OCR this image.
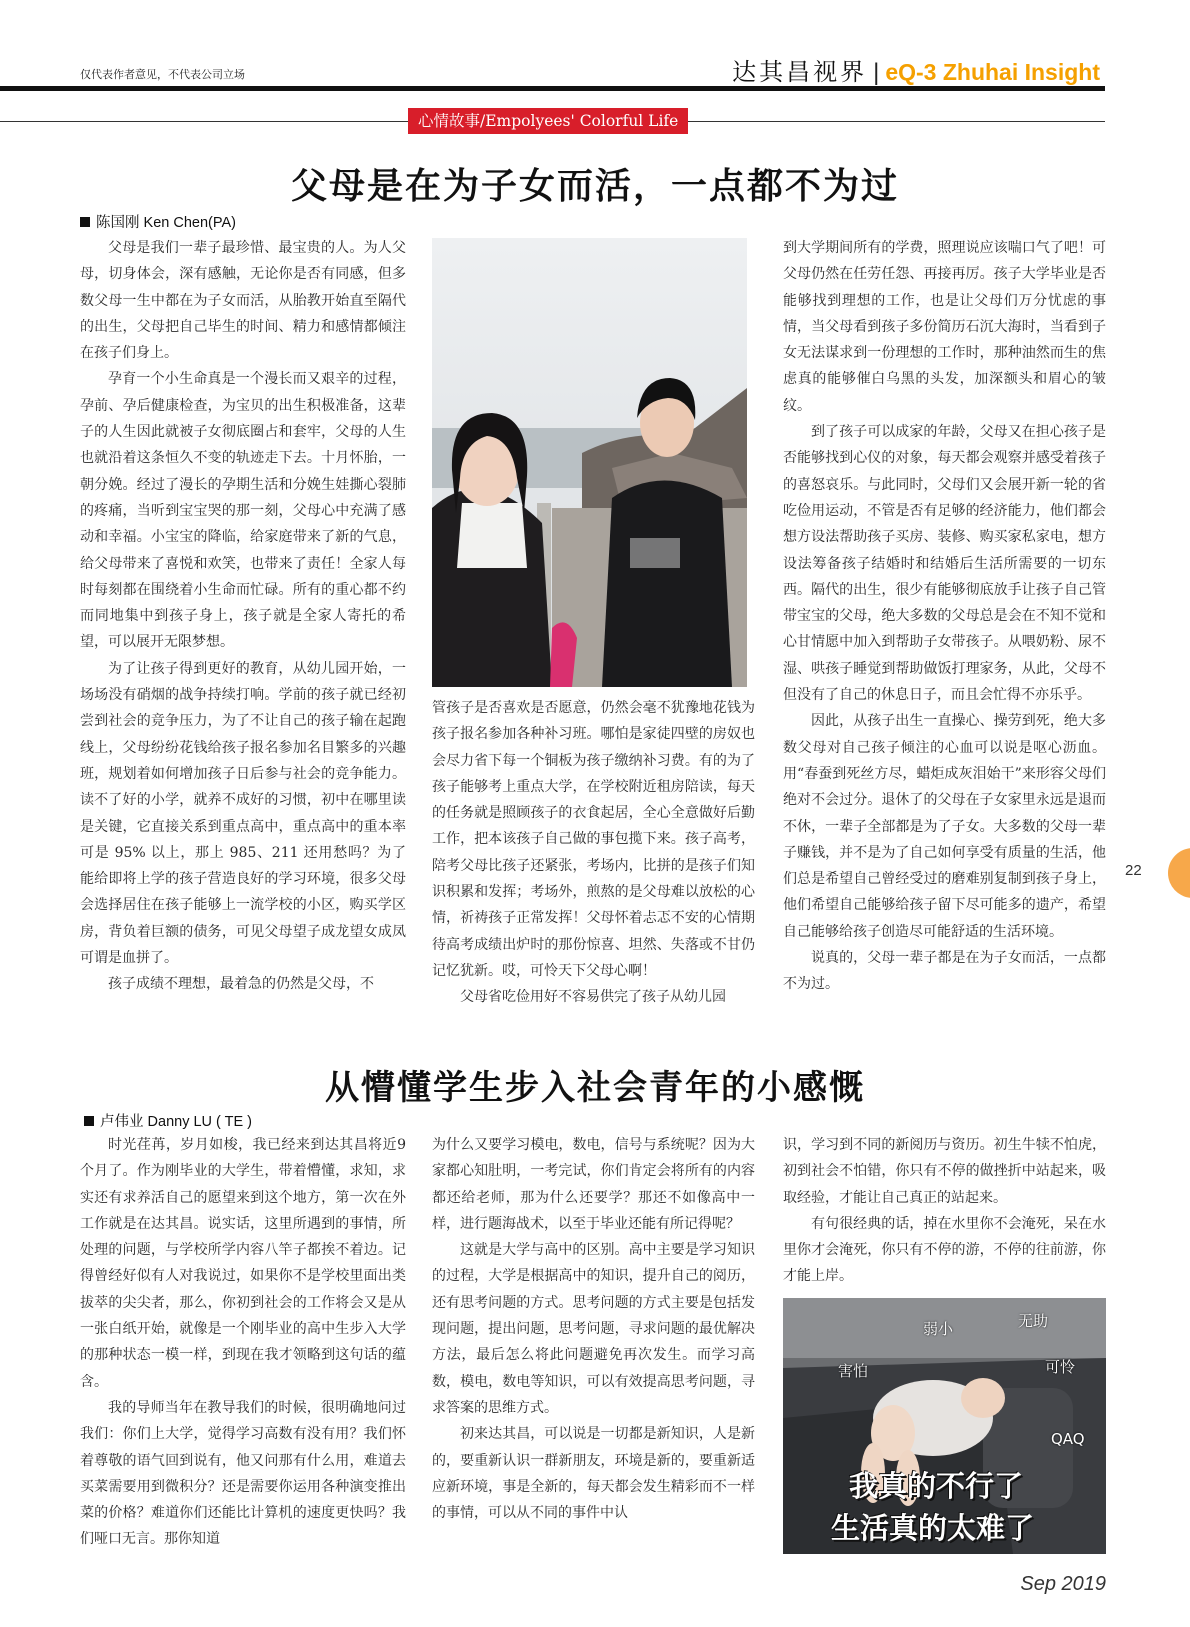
仅代表作者意见，不代表公司立场	达其昌视界 | eQ-3 Zhuhai Insight
心情故事/Empolyees' Colorful Life
父母是在为子女而活，一点都不为过
陈国刚 Ken Chen(PA)

父母是我们一辈子最珍惜、最宝贵的人。为人父母，切身体会，深有感触，无论你是否有同感，但多数父母一生中都在为子女而活，从胎教开始直至隔代的出生，父母把自己毕生的时间、精力和感情都倾注在孩子们身上。

孕育一个小生命真是一个漫长而又艰辛的过程，孕前、孕后健康检查，为宝贝的出生积极准备，这辈子的人生因此就被子女彻底圈占和套牢，父母的人生也就沿着这条恒久不变的轨迹走下去。十月怀胎，一朝分娩。经过了漫长的孕期生活和分娩生娃撕心裂肺的疼痛，当听到宝宝哭的那一刻，父母心中充满了感动和幸福。小宝宝的降临，给家庭带来了新的气息，给父母带来了喜悦和欢笑，也带来了责任！全家人每时每刻都在围绕着小生命而忙碌。所有的重心都不约而同地集中到孩子身上，孩子就是全家人寄托的希望，可以展开无限梦想。

为了让孩子得到更好的教育，从幼儿园开始，一场场没有硝烟的战争持续打响。学前的孩子就已经初尝到社会的竞争压力，为了不让自己的孩子输在起跑线上，父母纷纷花钱给孩子报名参加名目繁多的兴趣班，规划着如何增加孩子日后参与社会的竞争能力。读不了好的小学，就养不成好的习惯，初中在哪里读是关键，它直接关系到重点高中，重点高中的重本率可是 95% 以上，那上 985、211 还用愁吗？为了能给即将上学的孩子营造良好的学习环境，很多父母会选择居住在孩子能够上一流学校的小区，购买学区房，背负着巨额的债务，可见父母望子成龙望女成凤可谓是血拼了。

孩子成绩不理想，最着急的仍然是父母，不

管孩子是否喜欢是否愿意，仍然会毫不犹豫地花钱为孩子报名参加各种补习班。哪怕是家徒四壁的房奴也会尽力省下每一个铜板为孩子缴纳补习费。有的为了孩子能够考上重点大学，在学校附近租房陪读，每天的任务就是照顾孩子的衣食起居，全心全意做好后勤工作，把本该孩子自己做的事包揽下来。孩子高考，陪考父母比孩子还紧张，考场内，比拼的是孩子们知识积累和发挥；考场外，煎熬的是父母难以放松的心情，祈祷孩子正常发挥！父母怀着忐忑不安的心情期待高考成绩出炉时的那份惊喜、坦然、失落或不甘仍记忆犹新。哎，可怜天下父母心啊！

父母省吃俭用好不容易供完了孩子从幼儿园

到大学期间所有的学费，照理说应该喘口气了吧！可父母仍然在任劳任怨、再接再厉。孩子大学毕业是否能够找到理想的工作，也是让父母们万分忧虑的事情，当父母看到孩子多份简历石沉大海时，当看到子女无法谋求到一份理想的工作时，那种油然而生的焦虑真的能够催白乌黑的头发，加深额头和眉心的皱纹。

到了孩子可以成家的年龄，父母又在担心孩子是否能够找到心仪的对象，每天都会观察并感受着孩子的喜怒哀乐。与此同时，父母们又会展开新一轮的省吃俭用运动，不管是否有足够的经济能力，他们都会想方设法帮助孩子买房、装修、购买家私家电，想方设法筹备孩子结婚时和结婚后生活所需要的一切东西。隔代的出生，很少有能够彻底放手让孩子自己管带宝宝的父母，绝大多数的父母总是会在不知不觉和心甘情愿中加入到帮助子女带孩子。从喂奶粉、尿不湿、哄孩子睡觉到帮助做饭打理家务，从此，父母不但没有了自己的休息日子，而且会忙得不亦乐乎。

因此，从孩子出生一直操心、操劳到死，绝大多数父母对自己孩子倾注的心血可以说是呕心沥血。用“春蚕到死丝方尽，蜡炬成灰泪始干”来形容父母们绝对不会过分。退休了的父母在子女家里永远是退而不休，一辈子全部都是为了子女。大多数的父母一辈子赚钱，并不是为了自己如何享受有质量的生活，他们总是希望自己曾经受过的磨难别复制到孩子身上，他们希望自己能够给孩子留下尽可能多的遗产，希望自己能够给孩子创造尽可能舒适的生活环境。

说真的，父母一辈子都是在为子女而活，一点都不为过。

从懵懂学生步入社会青年的小感慨
卢伟业 Danny LU ( TE )

时光荏苒，岁月如梭，我已经来到达其昌将近9个月了。作为刚毕业的大学生，带着懵懂，求知，求实还有求养活自己的愿望来到这个地方，第一次在外工作就是在达其昌。说实话，这里所遇到的事情，所处理的问题，与学校所学内容八竿子都挨不着边。记得曾经好似有人对我说过，如果你不是学校里面出类拔萃的尖尖者，那么，你初到社会的工作将会又是从一张白纸开始，就像是一个刚毕业的高中生步入大学的那种状态一模一样，到现在我才领略到这句话的蕴含。

我的导师当年在教导我们的时候，很明确地问过我们：你们上大学，觉得学习高数有没有用？我们怀着尊敬的语气回到说有，他又问那有什么用，难道去买菜需要用到微积分？还是需要你运用各种演变推出菜的价格？难道你们还能比计算机的速度更快吗？我们哑口无言。那你知道

为什么又要学习模电，数电，信号与系统呢？因为大家都心知肚明，一考完试，你们肯定会将所有的内容都还给老师，那为什么还要学？那还不如像高中一样，进行题海战术，以至于毕业还能有所记得呢？

这就是大学与高中的区别。高中主要是学习知识的过程，大学是根据高中的知识，提升自己的阅历，还有思考问题的方式。思考问题的方式主要是包括发现问题，提出问题，思考问题，寻求问题的最优解决方法，最后怎么将此问题避免再次发生。而学习高数，模电，数电等知识，可以有效提高思考问题，寻求答案的思维方式。

初来达其昌，可以说是一切都是新知识，人是新的，要重新认识一群新朋友，环境是新的，要重新适应新环境，事是全新的，每天都会发生精彩而不一样的事情，可以从不同的事件中认

识，学习到不同的新阅历与资历。初生牛犊不怕虎，初到社会不怕错，你只有不停的做挫折中站起来，吸取经验，才能让自己真正的站起来。

有句很经典的话，掉在水里你不会淹死，呆在水里你才会淹死，你只有不停的游，不停的往前游，你才能上岸。

弱小	无助
害怕	可怜
QAQ
我真的不行了
生活真的太难了
22
Sep 2019
